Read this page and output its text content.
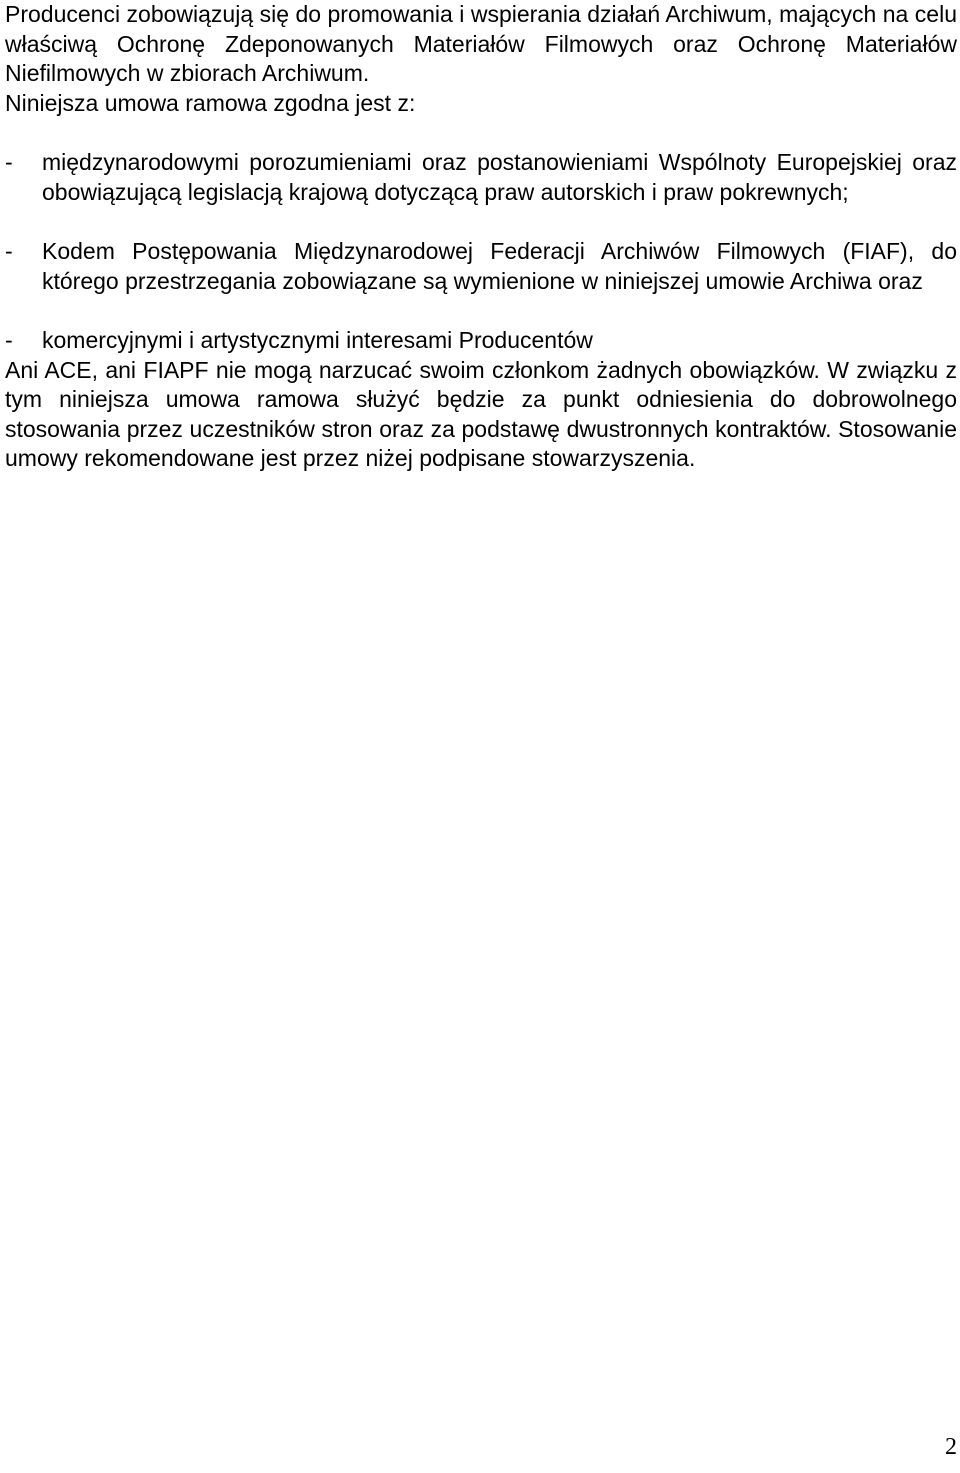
Producenci zobowiązują się do promowania i wspierania działań Archiwum, mających na celu właściwą Ochronę Zdeponowanych Materiałów Filmowych oraz Ochronę Materiałów Niefilmowych w zbiorach Archiwum.

Niniejsza umowa ramowa zgodna jest z:

-	międzynarodowymi porozumieniami oraz postanowieniami Wspólnoty Europejskiej oraz obowiązującą legislacją krajową dotyczącą praw autorskich i praw pokrewnych;
-	Kodem Postępowania Międzynarodowej Federacji Archiwów Filmowych (FIAF), do którego przestrzegania zobowiązane są wymienione w niniejszej umowie Archiwa oraz
-	komercyjnymi i artystycznymi interesami Producentów

Ani ACE, ani FIAPF nie mogą narzucać swoim członkom żadnych obowiązków. W związku z tym niniejsza umowa ramowa służyć będzie za punkt odniesienia do dobrowolnego stosowania przez uczestników stron oraz za podstawę dwustronnych kontraktów. Stosowanie umowy rekomendowane jest przez niżej podpisane stowarzyszenia.

2
